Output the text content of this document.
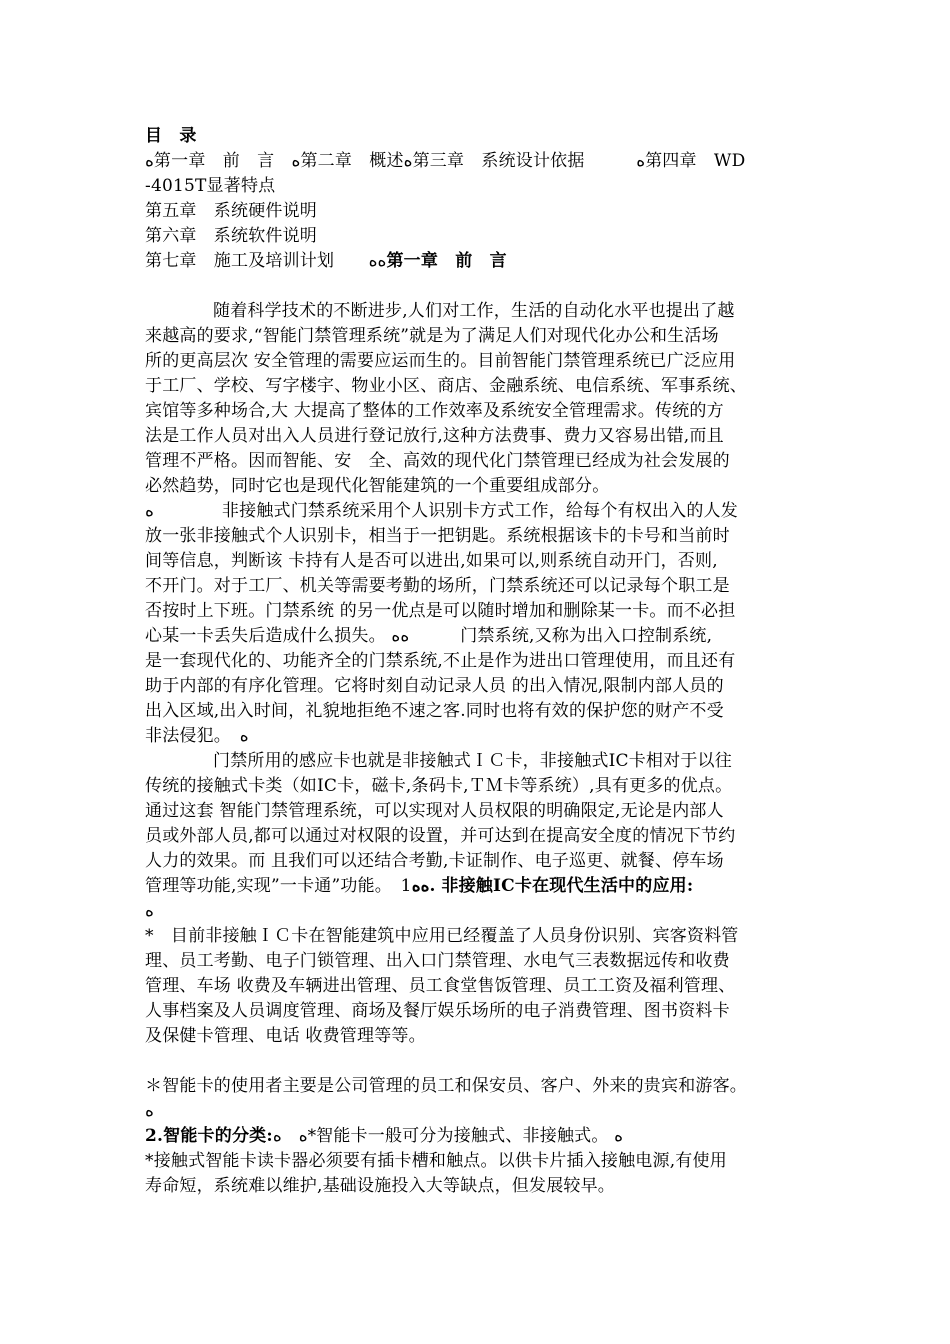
目　录

ﻩ第一章　前　言　ﻩ第二章　概述ﻩ第三章　系统设计依据　　　ﻩ第四章　WD

-4015T显著特点

第五章　系统硬件说明

第六章　系统软件说明

第七章　施工及培训计划　　ﻩﻩ第一章　前　言

随着科学技术的不断进步,人们对工作，生活的自动化水平也提出了越

来越高的要求,“智能门禁管理系统”就是为了满足人们对现代化办公和生活场

所的更高层次 安全管理的需要应运而生的。目前智能门禁管理系统已广泛应用

于工厂、学校、写字楼宇、物业小区、商店、金融系统、电信系统、军事系统、

宾馆等多种场合,大 大提高了整体的工作效率及系统安全管理需求。传统的方

法是工作人员对出入人员进行登记放行,这种方法费事、费力又容易出错,而且

管理不严格。因而智能、安　全、高效的现代化门禁管理已经成为社会发展的

必然趋势，同时它也是现代化智能建筑的一个重要组成部分。

ﻩ　　　　非接触式门禁系统采用个人识别卡方式工作，给每个有权出入的人发

放一张非接触式个人识别卡，相当于一把钥匙。系统根据该卡的卡号和当前时

间等信息，判断该 卡持有人是否可以进出,如果可以,则系统自动开门，否则,

不开门。对于工厂、机关等需要考勤的场所，门禁系统还可以记录每个职工是

否按时上下班。门禁系统 的另一优点是可以随时增加和删除某一卡。而不必担

心某一卡丢失后造成什么损失。 ﻩﻩ　　　门禁系统,又称为出入口控制系统,

是一套现代化的、功能齐全的门禁系统,不止是作为进出口管理使用，而且还有

助于内部的有序化管理。它将时刻自动记录人员 的出入情况,限制内部人员的

出入区域,出入时间，礼貌地拒绝不速之客.同时也将有效的保护您的财产不受

非法侵犯。　ﻩ

门禁所用的感应卡也就是非接触式ＩＣ卡，非接触式IC卡相对于以往

传统的接触式卡类（如IC卡，磁卡,条码卡,ＴＭ卡等系统）,具有更多的优点。

通过这套 智能门禁管理系统，可以实现对人员权限的明确限定,无论是内部人

员或外部人员,都可以通过对权限的设置，并可达到在提高安全度的情况下节约

人力的效果。而 且我们可以还结合考勤,卡证制作、电子巡更、就餐、停车场

管理等功能,实现”一卡通”功能。　1ﻩﻩ. 非接触IC卡在现代生活中的应用:

ﻩ

*　目前非接触ＩＣ卡在智能建筑中应用已经覆盖了人员身份识别、宾客资料管

理、员工考勤、电子门锁管理、出入口门禁管理、水电气三表数据远传和收费

管理、车场 收费及车辆进出管理、员工食堂售饭管理、员工工资及福利管理、

人事档案及人员调度管理、商场及餐厅娱乐场所的电子消费管理、图书资料卡

及保健卡管理、电话 收费管理等等。

＊智能卡的使用者主要是公司管理的员工和保安员、客户、外来的贵宾和游客。

ﻩ

2.智能卡的分类:ﻩ　ﻩ*智能卡一般可分为接触式、非接触式。 ﻩ

*接触式智能卡读卡器必须要有插卡槽和触点。以供卡片插入接触电源,有使用

寿命短，系统难以维护,基础设施投入大等缺点，但发展较早。
